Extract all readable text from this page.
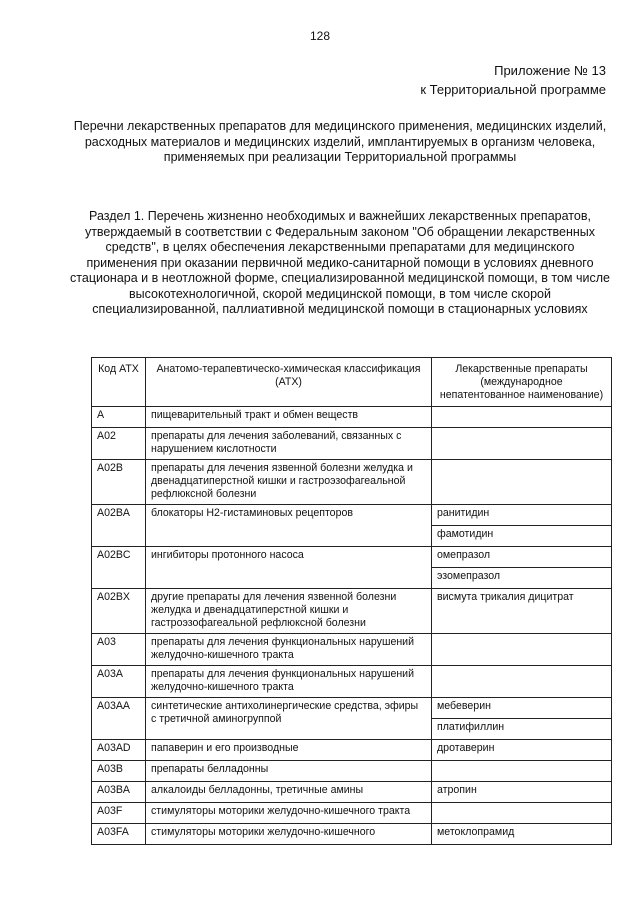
128
Приложение № 13
к Территориальной программе
Перечни лекарственных препаратов для медицинского применения, медицинских изделий, расходных материалов и медицинских изделий, имплантируемых в организм человека, применяемых при реализации Территориальной программы
Раздел 1. Перечень жизненно необходимых и важнейших лекарственных препаратов, утверждаемый в соответствии с Федеральным законом "Об обращении лекарственных средств", в целях обеспечения лекарственными препаратами для медицинского применения при оказании первичной медико-санитарной помощи в условиях дневного стационара и в неотложной форме, специализированной медицинской помощи, в том числе высокотехнологичной, скорой медицинской помощи, в том числе скорой специализированной, паллиативной медицинской помощи в стационарных условиях
Код АТХ	Анатомо-терапевтическо-химическая классификация (АТХ)	Лекарственные препараты (международное непатентованное наименование)
A	пищеварительный тракт и обмен веществ	
A02	препараты для лечения заболеваний, связанных с нарушением кислотности	
A02B	препараты для лечения язвенной болезни желудка и двенадцатиперстной кишки и гастроэзофагеальной рефлюксной болезни	
A02BA	блокаторы H2-гистаминовых рецепторов	ранитидин
		фамотидин
A02BC	ингибиторы протонного насоса	омепразол
		эзомепразол
A02BX	другие препараты для лечения язвенной болезни желудка и двенадцатиперстной кишки и гастроэзофагеальной рефлюксной болезни	висмута трикалия дицитрат
A03	препараты для лечения функциональных нарушений желудочно-кишечного тракта	
A03A	препараты для лечения функциональных нарушений желудочно-кишечного тракта	
A03AA	синтетические антихолинергические средства, эфиры с третичной аминогруппой	мебеверин
		платифиллин
A03AD	папаверин и его производные	дротаверин
A03B	препараты белладонны	
A03BA	алкалоиды белладонны, третичные амины	атропин
A03F	стимуляторы моторики желудочно-кишечного тракта	
A03FA	стимуляторы моторики желудочно-кишечного	метоклопрамид
